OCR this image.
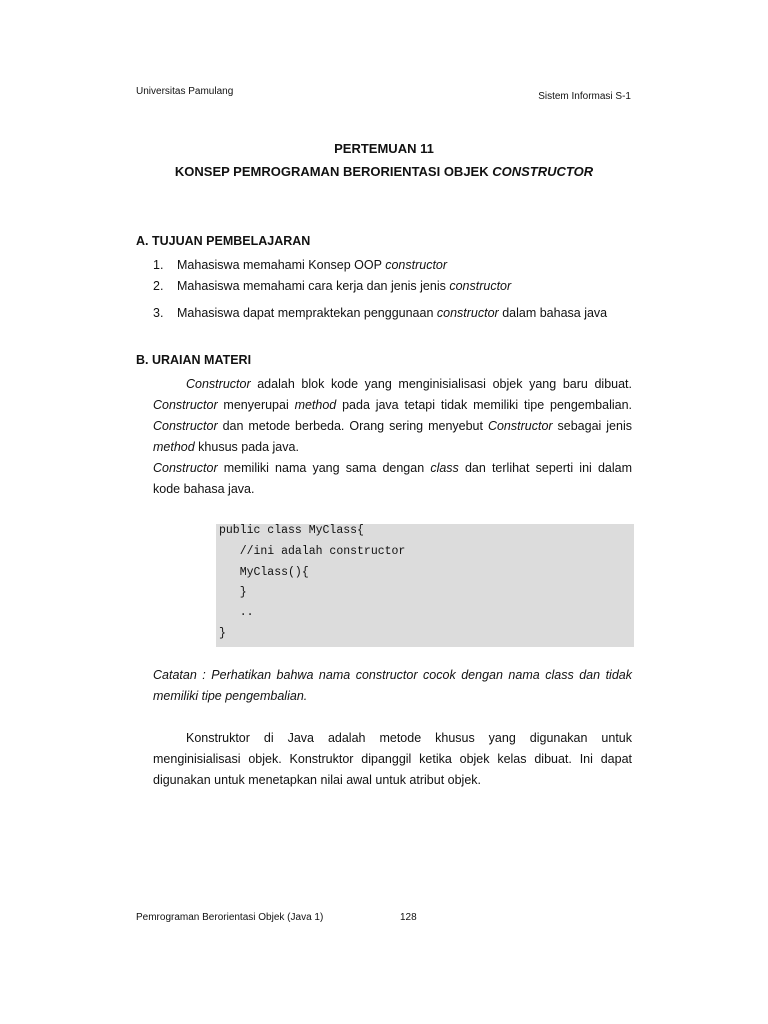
Universitas Pamulang	Sistem Informasi S-1
PERTEMUAN 11
KONSEP PEMROGRAMAN BERORIENTASI OBJEK CONSTRUCTOR
A. TUJUAN PEMBELAJARAN
1. Mahasiswa memahami Konsep OOP constructor
2. Mahasiswa memahami cara kerja dan jenis jenis constructor
3. Mahasiswa dapat mempraktekan penggunaan constructor dalam bahasa java
B. URAIAN MATERI
Constructor adalah blok kode yang menginisialisasi objek yang baru dibuat.
Constructor menyerupai method pada java tetapi tidak memiliki tipe pengembalian.
Constructor dan metode berbeda. Orang sering menyebut Constructor sebagai jenis
method khusus pada java.
Constructor memiliki nama yang sama dengan class dan terlihat seperti ini dalam
kode bahasa java.
public class MyClass{
//ini adalah constructor
MyClass(){
}
..
}
Catatan : Perhatikan bahwa nama constructor cocok dengan nama class dan tidak
memiliki tipe pengembalian.
Konstruktor di Java adalah metode khusus yang digunakan untuk
menginisialisasi objek. Konstruktor dipanggil ketika objek kelas dibuat. Ini dapat
digunakan untuk menetapkan nilai awal untuk atribut objek.
Pemrograman Berorientasi Objek (Java 1)	128
